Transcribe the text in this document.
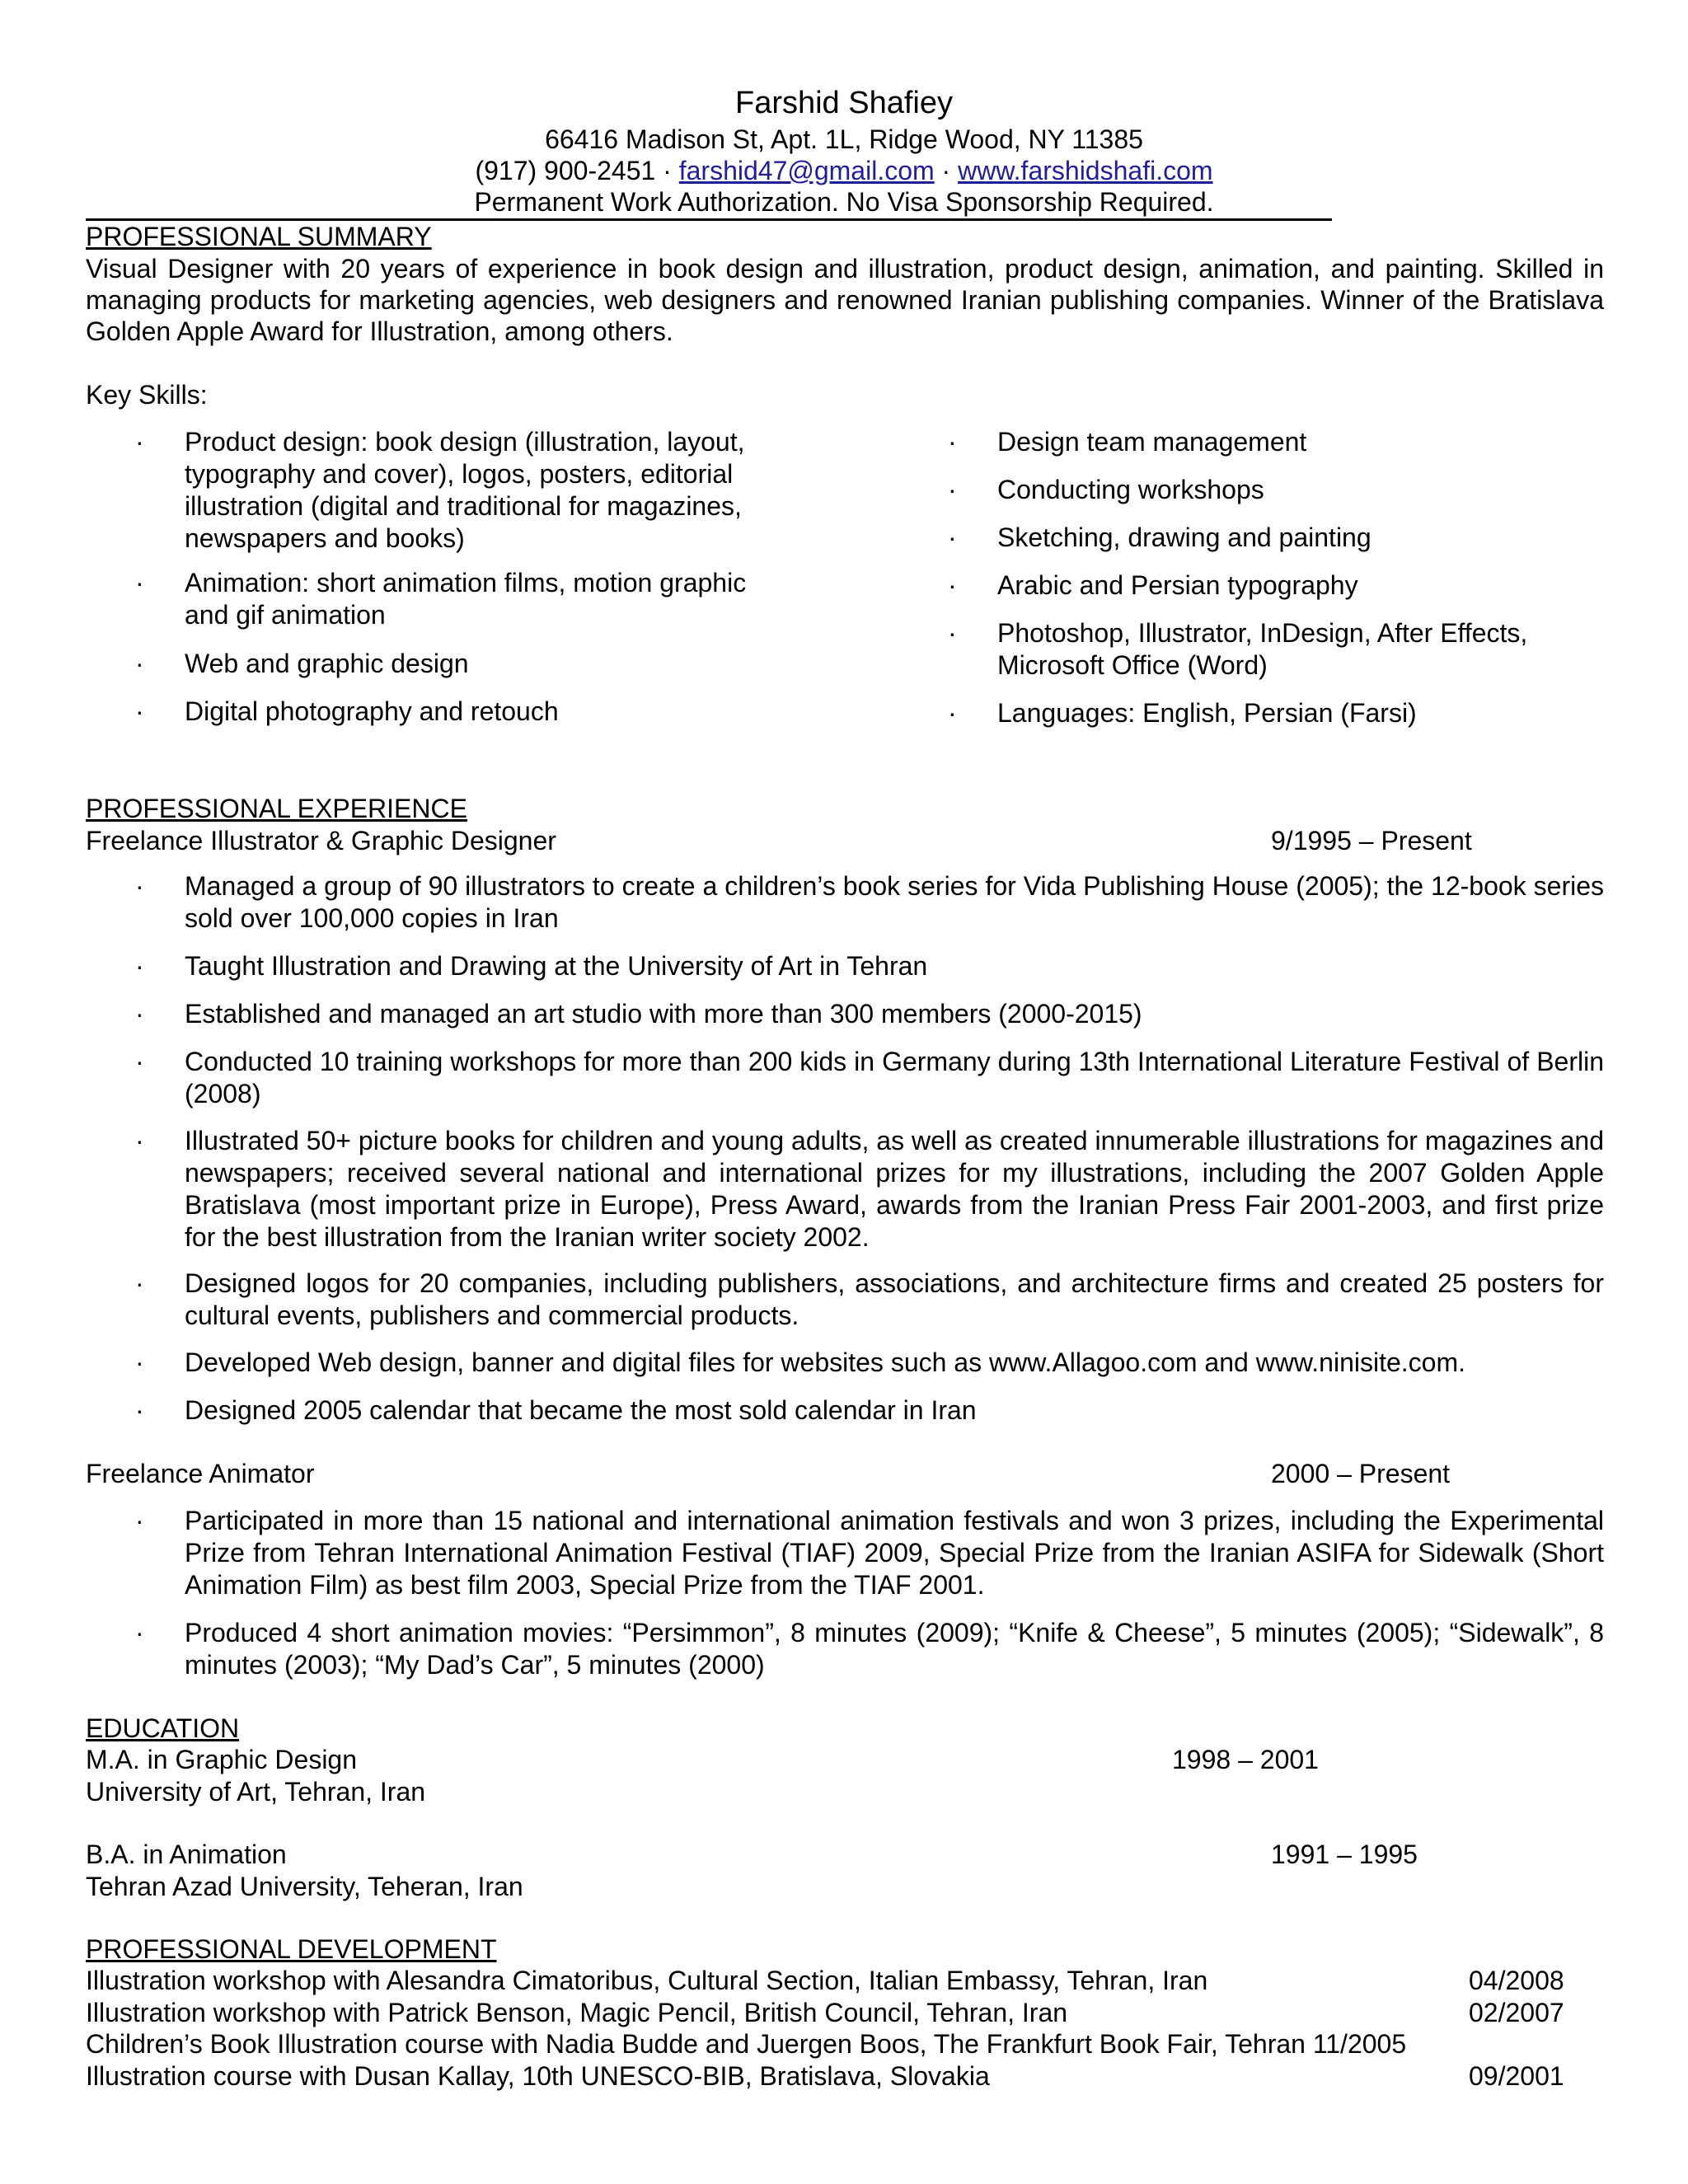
Farshid Shafiey
66416 Madison St, Apt. 1L, Ridge Wood, NY 11385
(917) 900-2451 · farshid47@gmail.com · www.farshidshafi.com
Permanent Work Authorization. No Visa Sponsorship Required.
PROFESSIONAL SUMMARY
Visual Designer with 20 years of experience in book design and illustration, product design, animation, and painting. Skilled in managing products for marketing agencies, web designers and renowned Iranian publishing companies. Winner of the Bratislava Golden Apple Award for Illustration, among others.
Key Skills:
· Product design: book design (illustration, layout, typography and cover), logos, posters, editorial illustration (digital and traditional for magazines, newspapers and books)
· Animation: short animation films, motion graphic and gif animation
· Web and graphic design
· Digital photography and retouch
· Design team management
· Conducting workshops
· Sketching, drawing and painting
· Arabic and Persian typography
· Photoshop, Illustrator, InDesign, After Effects, Microsoft Office (Word)
· Languages: English, Persian (Farsi)
PROFESSIONAL EXPERIENCE
Freelance Illustrator & Graphic Designer	9/1995 – Present
· Managed a group of 90 illustrators to create a children’s book series for Vida Publishing House (2005); the 12-book series sold over 100,000 copies in Iran
· Taught Illustration and Drawing at the University of Art in Tehran
· Established and managed an art studio with more than 300 members (2000-2015)
· Conducted 10 training workshops for more than 200 kids in Germany during 13th International Literature Festival of Berlin (2008)
· Illustrated 50+ picture books for children and young adults, as well as created innumerable illustrations for magazines and newspapers; received several national and international prizes for my illustrations, including the 2007 Golden Apple Bratislava (most important prize in Europe), Press Award, awards from the Iranian Press Fair 2001-2003, and first prize for the best illustration from the Iranian writer society 2002.
· Designed logos for 20 companies, including publishers, associations, and architecture firms and created 25 posters for cultural events, publishers and commercial products.
· Developed Web design, banner and digital files for websites such as www.Allagoo.com and www.ninisite.com.
· Designed 2005 calendar that became the most sold calendar in Iran
Freelance Animator	2000 – Present
· Participated in more than 15 national and international animation festivals and won 3 prizes, including the Experimental Prize from Tehran International Animation Festival (TIAF) 2009, Special Prize from the Iranian ASIFA for Sidewalk (Short Animation Film) as best film 2003, Special Prize from the TIAF 2001.
· Produced 4 short animation movies: “Persimmon”, 8 minutes (2009); “Knife & Cheese”, 5 minutes (2005); “Sidewalk”, 8 minutes (2003); “My Dad’s Car”, 5 minutes (2000)
EDUCATION
M.A. in Graphic Design	1998 – 2001
University of Art, Tehran, Iran
B.A. in Animation	1991 – 1995
Tehran Azad University, Teheran, Iran
PROFESSIONAL DEVELOPMENT
Illustration workshop with Alesandra Cimatoribus, Cultural Section, Italian Embassy, Tehran, Iran	04/2008
Illustration workshop with Patrick Benson, Magic Pencil, British Council, Tehran, Iran	02/2007
Children’s Book Illustration course with Nadia Budde and Juergen Boos, The Frankfurt Book Fair, Tehran 11/2005
Illustration course with Dusan Kallay, 10th UNESCO-BIB, Bratislava, Slovakia	09/2001
